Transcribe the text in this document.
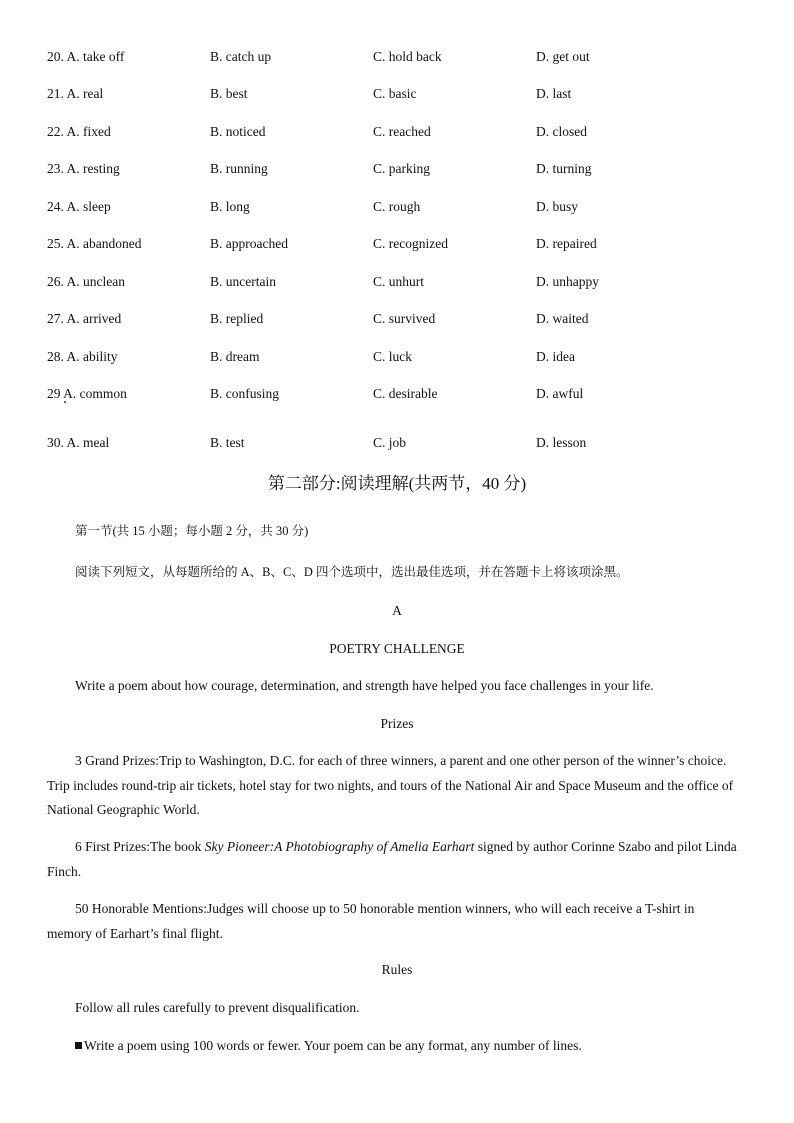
20. A. take off	B. catch up	C. hold back	D. get out
21. A. real	B. best	C. basic	D. last
22. A. fixed	B. noticed	C. reached	D. closed
23. A. resting	B. running	C. parking	D. turning
24. A. sleep	B. long	C. rough	D. busy
25. A. abandoned	B. approached	C. recognized	D. repaired
26. A. unclean	B. uncertain	C. unhurt	D. unhappy
27. A. arrived	B. replied	C. survived	D. waited
28. A. ability	B. dream	C. luck	D. idea
29 A. common	B. confusing	C. desirable	D. awful
30. A. meal	B. test	C. job	D. lesson
第二部分:阅读理解(共两节，40 分)
第一节(共 15 小题；每小题 2 分，共 30 分)
阅读下列短文，从每题所给的 A、B、C、D 四个选项中，选出最佳选项，并在答题卡上将该项涂黑。
A
POETRY CHALLENGE
Write a poem about how courage, determination, and strength have helped you face challenges in your life.
Prizes
3 Grand Prizes:Trip to Washington, D.C. for each of three winners, a parent and one other person of the winner’s choice. Trip includes round-trip air tickets, hotel stay for two nights, and tours of the National Air and Space Museum and the office of National Geographic World.
6 First Prizes:The book Sky Pioneer:A Photobiography of Amelia Earhart signed by author Corinne Szabo and pilot Linda Finch.
50 Honorable Mentions:Judges will choose up to 50 honorable mention winners, who will each receive a T-shirt in memory of Earhart’s final flight.
Rules
Follow all rules carefully to prevent disqualification.
Write a poem using 100 words or fewer. Your poem can be any format, any number of lines.
